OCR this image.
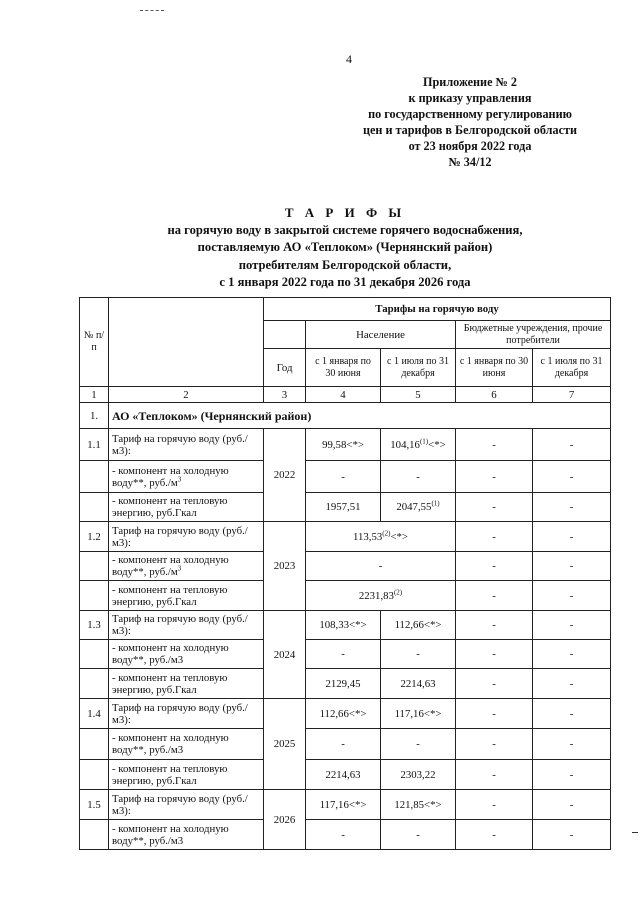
4
Приложение № 2
к приказу управления
по государственному регулированию
цен и тарифов в Белгородской области
от 23 ноября 2022 года
№ 34/12
Т А Р И Ф Ы
на горячую воду в закрытой системе горячего водоснабжения,
поставляемую АО «Теплоком» (Чернянский район)
потребителям Белгородской области,
с 1 января 2022 года по 31 декабря 2026 года
№ п/п		Тарифы на горячую воду				
			Население		Бюджетные учреждения, прочие потребители	
		Год	с 1 января по 30 июня	с 1 июля по 31 декабря	с 1 января по 30 июня	с 1 июля по 31 декабря
1	2	3	4	5	6	7
1.	АО «Теплоком» (Чернянский район)					
1.1	Тариф на горячую воду (руб./м3):	2022	99,58<*>	$104,16^{(1)}<*>$	-	-
	- компонент на холодную воду**, $руб./м^3$		-	-	-	-
	- компонент на тепловую энергию, руб.Гкал		1957,51	2047,55$^{(1)}$	-	-
1.2	Тариф на горячую воду (руб./м3):	2023	$113,53^{(2)}<*>$		-	-
	- компонент на холодную воду**, $руб./м^3$		-		-	-
	- компонент на тепловую энергию, руб.Гкал		2231,83$^{(2)}$		-	-
1.3	Тариф на горячую воду (руб./м3):	2024	108,33<*>	112,66<*>	-	-
	- компонент на холодную воду**, руб./м3		-	-	-	-
	- компонент на тепловую энергию, руб.Гкал		2129,45	2214,63	-	-
1.4	Тариф на горячую воду (руб./м3):	2025	112,66<*>	117,16<*>	-	-
	- компонент на холодную воду**, руб./м3		-	-	-	-
	- компонент на тепловую энергию, руб.Гкал		2214,63	2303,22	-	-
1.5	Тариф на горячую воду (руб./м3):	2026	117,16<*>	121,85<*>	-	-
	- компонент на холодную воду**, руб./м3		-	-	-	-
